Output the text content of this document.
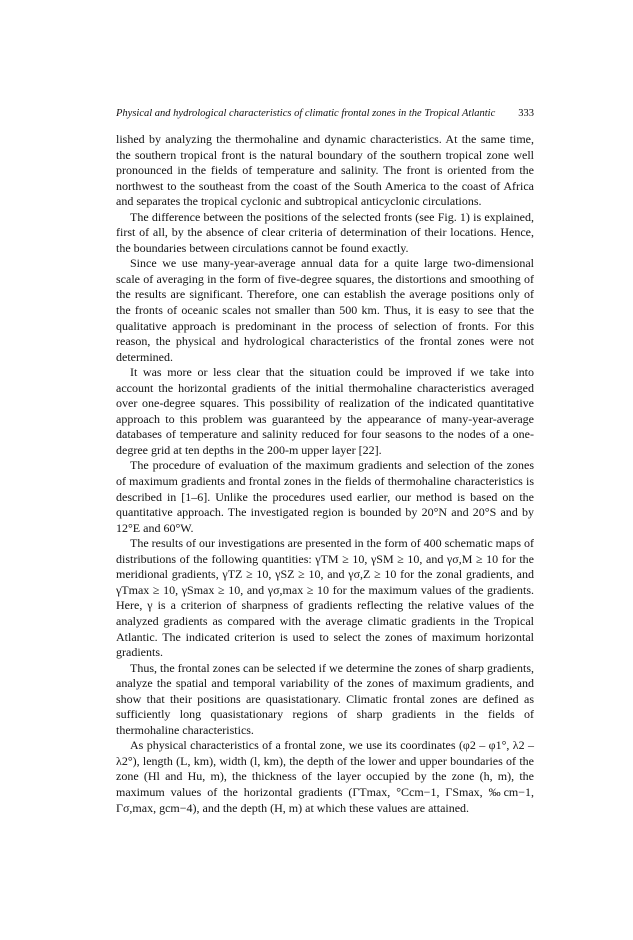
Physical and hydrological characteristics of climatic frontal zones in the Tropical Atlantic 333

lished by analyzing the thermohaline and dynamic characteristics. At the same time, the southern tropical front is the natural boundary of the southern tropical zone well pronounced in the fields of temperature and salinity. The front is oriented from the northwest to the southeast from the coast of the South America to the coast of Africa and separates the tropical cyclonic and subtropical anticyclonic circulations.

The difference between the positions of the selected fronts (see Fig. 1) is explained, first of all, by the absence of clear criteria of determination of their locations. Hence, the boundaries between circulations cannot be found exactly.

Since we use many-year-average annual data for a quite large two-dimensional scale of averaging in the form of five-degree squares, the distortions and smoothing of the results are significant. Therefore, one can establish the average positions only of the fronts of oceanic scales not smaller than 500 km. Thus, it is easy to see that the qualitative approach is predominant in the process of selection of fronts. For this reason, the physical and hydrological characteristics of the frontal zones were not determined.

It was more or less clear that the situation could be improved if we take into account the horizontal gradients of the initial thermohaline characteristics averaged over one-degree squares. This possibility of realization of the indicated quantitative approach to this problem was guaranteed by the appearance of many-year-average databases of temperature and salinity reduced for four seasons to the nodes of a one-degree grid at ten depths in the 200-m upper layer [22].

The procedure of evaluation of the maximum gradients and selection of the zones of maximum gradients and frontal zones in the fields of thermohaline characteristics is described in [1–6]. Unlike the procedures used earlier, our method is based on the quantitative approach. The investigated region is bounded by 20°N and 20°S and by 12°E and 60°W.

The results of our investigations are presented in the form of 400 schematic maps of distributions of the following quantities: γTM ≥ 10, γSM ≥ 10, and γσ,M ≥ 10 for the meridional gradients, γTZ ≥ 10, γSZ ≥ 10, and γσ,Z ≥ 10 for the zonal gradients, and γTmax ≥ 10, γSmax ≥ 10, and γσ,max ≥ 10 for the maximum values of the gradients. Here, γ is a criterion of sharpness of gradients reflecting the relative values of the analyzed gradients as compared with the average climatic gradients in the Tropical Atlantic. The indicated criterion is used to select the zones of maximum horizontal gradients.

Thus, the frontal zones can be selected if we determine the zones of sharp gradients, analyze the spatial and temporal variability of the zones of maximum gradients, and show that their positions are quasistationary. Climatic frontal zones are defined as sufficiently long quasistationary regions of sharp gradients in the fields of thermohaline characteristics.

As physical characteristics of a frontal zone, we use its coordinates (φ2 – φ1°, λ2 – λ2°), length (L, km), width (l, km), the depth of the lower and upper boundaries of the zone (Hl and Hu, m), the thickness of the layer occupied by the zone (h, m), the maximum values of the horizontal gradients (ΓTmax, °Ccm−1, ΓSmax, ‰cm−1, Γσ,max, gcm−4), and the depth (H, m) at which these values are attained.
